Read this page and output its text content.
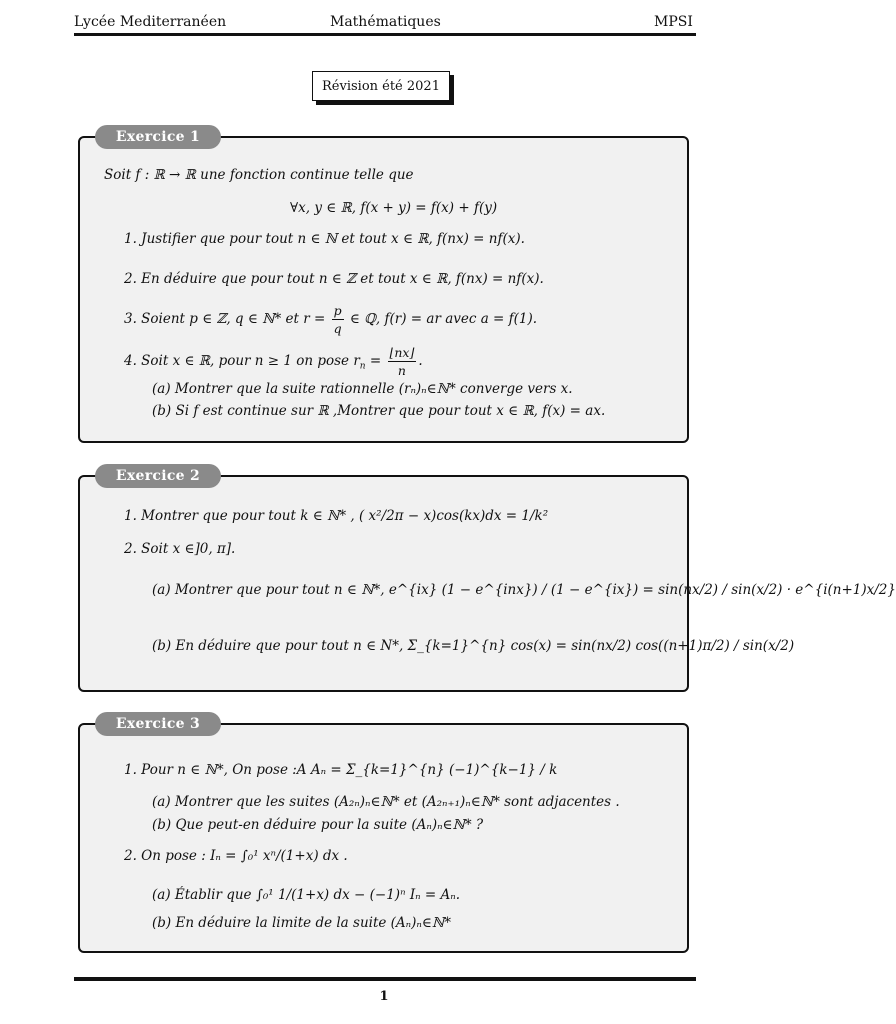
Lycée Mediterranéen	Mathématiques	MPSI
Révision été 2021
Exercice 1
Soit f : ℝ → ℝ une fonction continue telle que
∀x, y ∈ ℝ, f(x + y) = f(x) + f(y)
1. Justifier que pour tout n ∈ ℕ et tout x ∈ ℝ, f(nx) = nf(x).
2. En déduire que pour tout n ∈ ℤ et tout x ∈ ℝ, f(nx) = nf(x).
3. Soient p ∈ ℤ, q ∈ ℕ* et $r = \frac{p}{q}$ ∈ ℚ, f(r) = ar avec a = f(1).
4. Soit x ∈ ℝ, pour n ≥ 1 on pose $r_n = \frac{⌊nx⌋}{n}$ .
(a) Montrer que la suite rationnelle (rₙ)ₙ∈ℕ* converge vers x.
(b) Si f est continue sur ℝ ,Montrer que pour tout x ∈ ℝ, f(x) = ax.
Exercice 2
1. Montrer que pour tout k ∈ ℕ* , ( x²/2π − x)cos(kx)dx = 1/k²
2. Soit x ∈]0, π].
(a) Montrer que pour tout n ∈ ℕ*, e^{ix} (1 − e^{inx}) / (1 − e^{ix}) = sin(nx/2) / sin(x/2) · e^{i(n+1)x/2}
(b) En déduire que pour tout n ∈ N*, Σ_{k=1}^{n} cos(x) = sin(nx/2) cos((n+1)π/2) / sin(x/2)
Exercice 3
1. Pour n ∈ ℕ*, On pose :A Aₙ = Σ_{k=1}^{n} (−1)^{k−1} / k
(a) Montrer que les suites (A₂ₙ)ₙ∈ℕ* et (A₂ₙ₊₁)ₙ∈ℕ* sont adjacentes .
(b) Que peut-en déduire pour la suite (Aₙ)ₙ∈ℕ* ?
2. On pose : Iₙ = ∫₀¹ xⁿ/(1+x) dx .
(a) Établir que ∫₀¹ 1/(1+x) dx − (−1)ⁿ Iₙ = Aₙ.
(b) En déduire la limite de la suite (Aₙ)ₙ∈ℕ*
1
